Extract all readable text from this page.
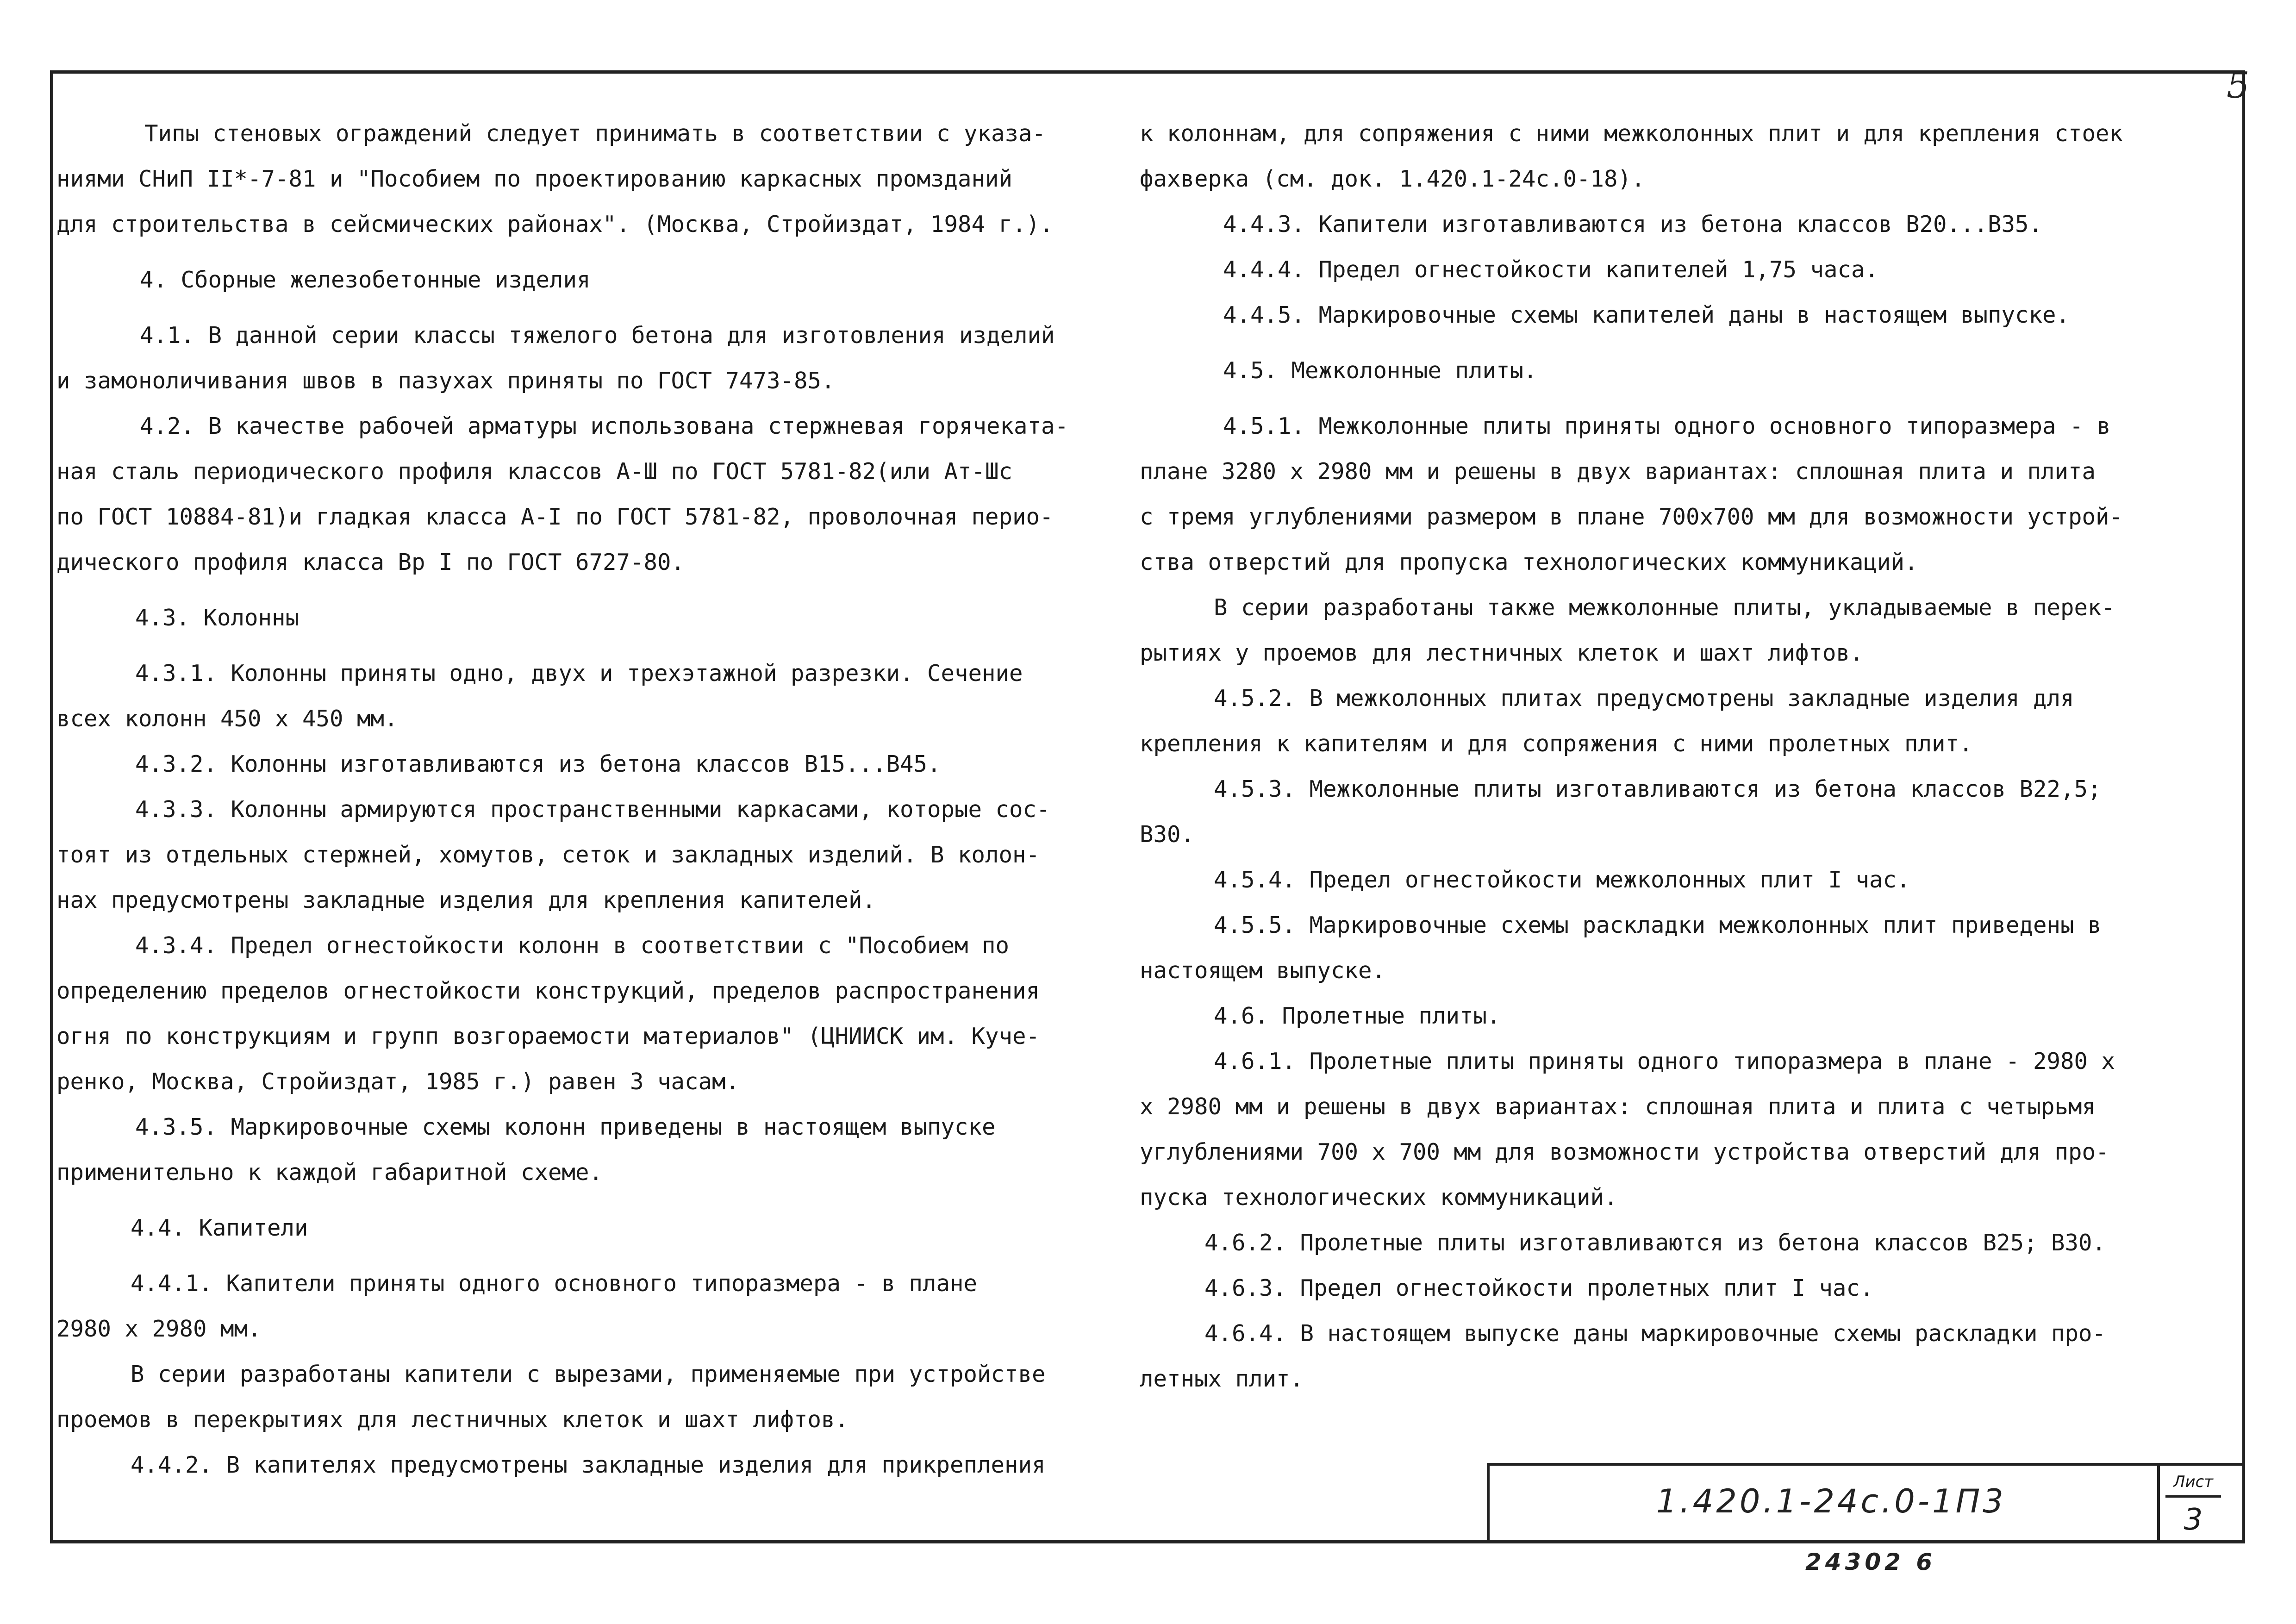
5

Типы стеновых ограждений следует принимать в соответствии с указа-

ниями СНиП II*-7-81 и "Пособием по проектированию каркасных промзданий

для строительства в сейсмических районах". (Москва, Стройиздат, 1984 г.).

4. Сборные железобетонные изделия

4.1. В данной серии классы тяжелого бетона для изготовления изделий

и замоноличивания швов в пазухах приняты по ГОСТ 7473-85.

4.2. В качестве рабочей арматуры использована стержневая горячеката-

ная сталь периодического профиля классов А-Ш по ГОСТ 5781-82(или Ат-Шс

по ГОСТ 10884-81)и гладкая класса А-I по ГОСТ 5781-82, проволочная перио-

дического профиля класса Вр I по ГОСТ 6727-80.

4.3. Колонны

4.3.1. Колонны приняты одно, двух и трехэтажной разрезки. Сечение

всех колонн 450 х 450 мм.

4.3.2. Колонны изготавливаются из бетона классов В15...В45.

4.3.3. Колонны армируются пространственными каркасами, которые сос-

тоят из отдельных стержней, хомутов, сеток и закладных изделий. В колон-

нах предусмотрены закладные изделия для крепления капителей.

4.3.4. Предел огнестойкости колонн в соответствии с "Пособием по

определению пределов огнестойкости конструкций, пределов распространения

огня по конструкциям и групп возгораемости материалов" (ЦНИИСК им. Куче-

ренко, Москва, Стройиздат, 1985 г.) равен 3 часам.

4.3.5. Маркировочные схемы колонн приведены в настоящем выпуске

применительно к каждой габаритной схеме.

4.4. Капители

4.4.1. Капители приняты одного основного типоразмера - в плане

2980 х 2980 мм.

В серии разработаны капители с вырезами, применяемые при устройстве

проемов в перекрытиях для лестничных клеток и шахт лифтов.

4.4.2. В капителях предусмотрены закладные изделия для прикрепления

к колоннам, для сопряжения с ними межколонных плит и для крепления стоек

фахверка (см. док. 1.420.1-24с.0-18).

4.4.3. Капители изготавливаются из бетона классов В20...В35.

4.4.4. Предел огнестойкости капителей 1,75 часа.

4.4.5. Маркировочные схемы капителей даны в настоящем выпуске.

4.5. Межколонные плиты.

4.5.1. Межколонные плиты приняты одного основного типоразмера - в

плане 3280 х 2980 мм и решены в двух вариантах: сплошная плита и плита

с тремя углублениями размером в плане 700х700 мм для возможности устрой-

ства отверстий для пропуска технологических коммуникаций.

В серии разработаны также межколонные плиты, укладываемые в перек-

рытиях у проемов для лестничных клеток и шахт лифтов.

4.5.2. В межколонных плитах предусмотрены закладные изделия для

крепления к капителям и для сопряжения с ними пролетных плит.

4.5.3. Межколонные плиты изготавливаются из бетона классов В22,5;

В30.

4.5.4. Предел огнестойкости межколонных плит I час.

4.5.5. Маркировочные схемы раскладки межколонных плит приведены в

настоящем выпуске.

4.6. Пролетные плиты.

4.6.1. Пролетные плиты приняты одного типоразмера в плане - 2980 х

х 2980 мм и решены в двух вариантах: сплошная плита и плита с четырьмя

углублениями 700 х 700 мм для возможности устройства отверстий для про-

пуска технологических коммуникаций.

4.6.2. Пролетные плиты изготавливаются из бетона классов В25; В30.

4.6.3. Предел огнестойкости пролетных плит I час.

4.6.4. В настоящем выпуске даны маркировочные схемы раскладки про-

летных плит.

1.420.1-24c.0-1П3
Лист
3
24302 6
